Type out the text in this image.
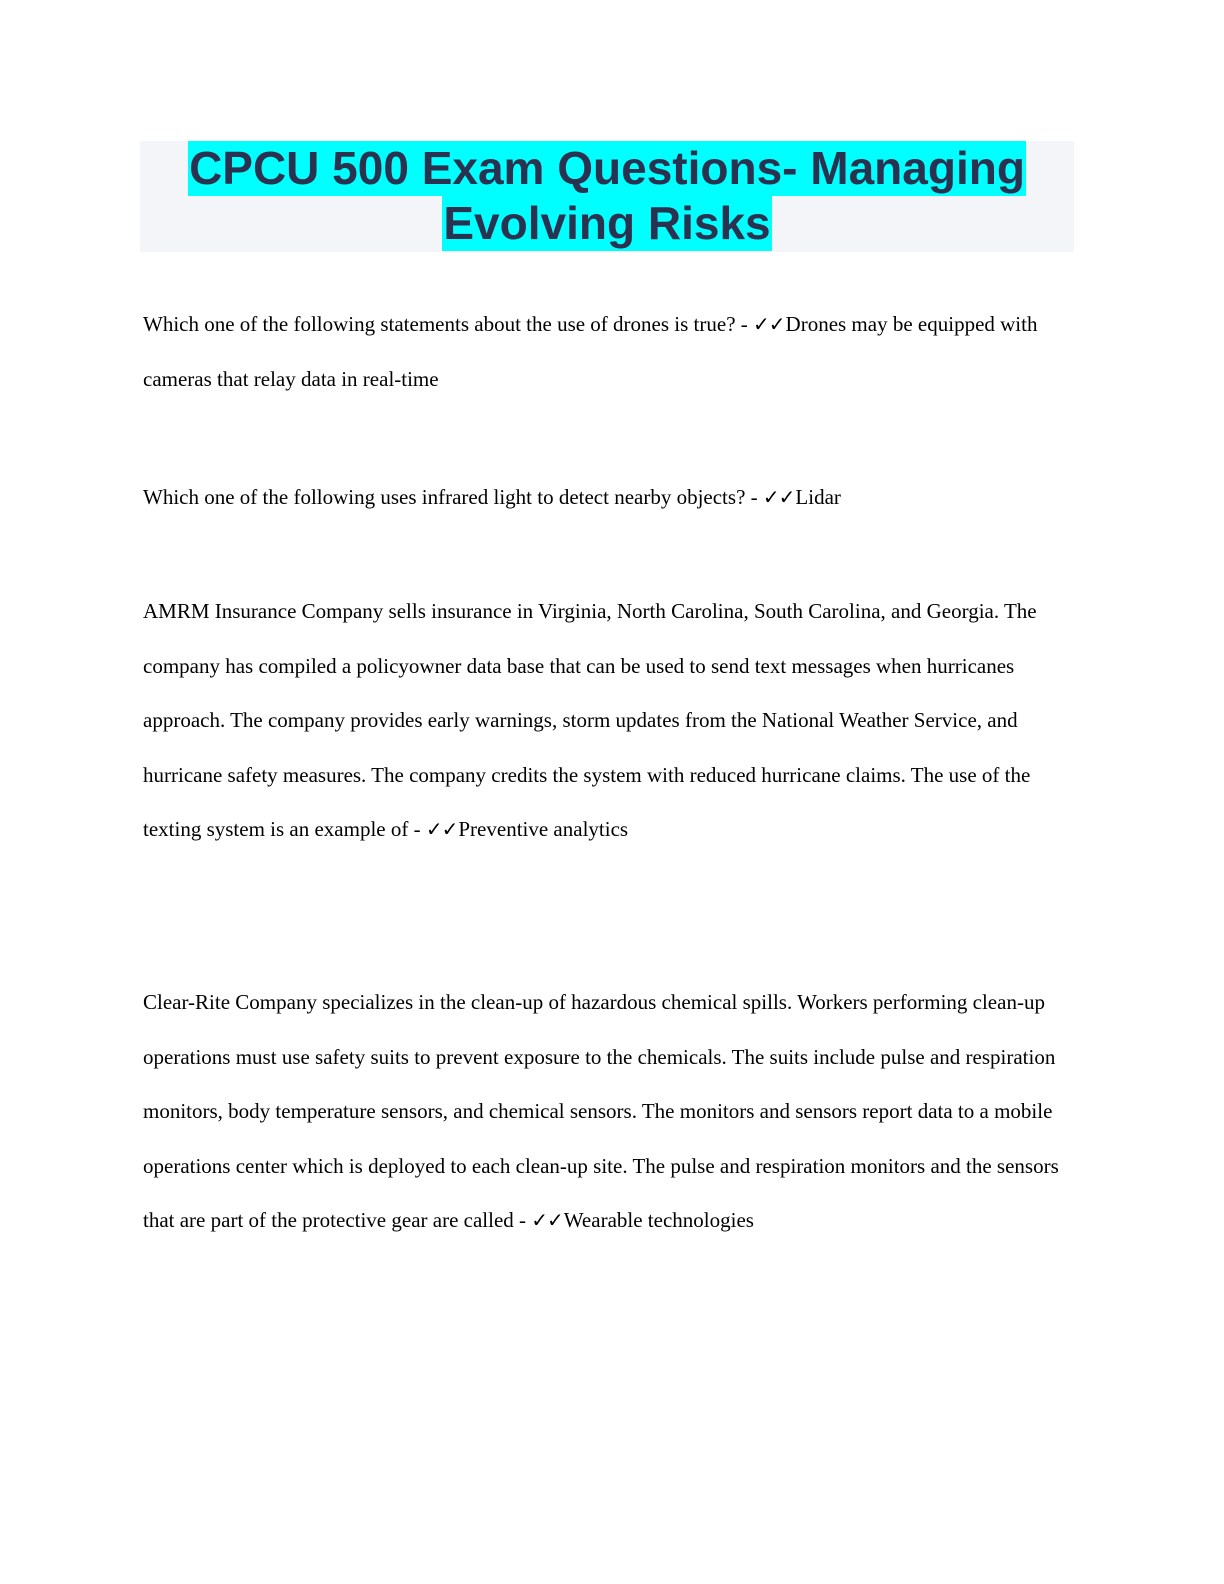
CPCU 500 Exam Questions- Managing
Evolving Risks
Which one of the following statements about the use of drones is true? - ✓✓Drones may be equipped with cameras that relay data in real-time
Which one of the following uses infrared light to detect nearby objects? - ✓✓Lidar
AMRM Insurance Company sells insurance in Virginia, North Carolina, South Carolina, and Georgia. The company has compiled a policyowner data base that can be used to send text messages when hurricanes approach. The company provides early warnings, storm updates from the National Weather Service, and hurricane safety measures. The company credits the system with reduced hurricane claims. The use of the texting system is an example of - ✓✓Preventive analytics
Clear-Rite Company specializes in the clean-up of hazardous chemical spills. Workers performing clean-up operations must use safety suits to prevent exposure to the chemicals. The suits include pulse and respiration monitors, body temperature sensors, and chemical sensors. The monitors and sensors report data to a mobile operations center which is deployed to each clean-up site. The pulse and respiration monitors and the sensors that are part of the protective gear are called - ✓✓Wearable technologies
